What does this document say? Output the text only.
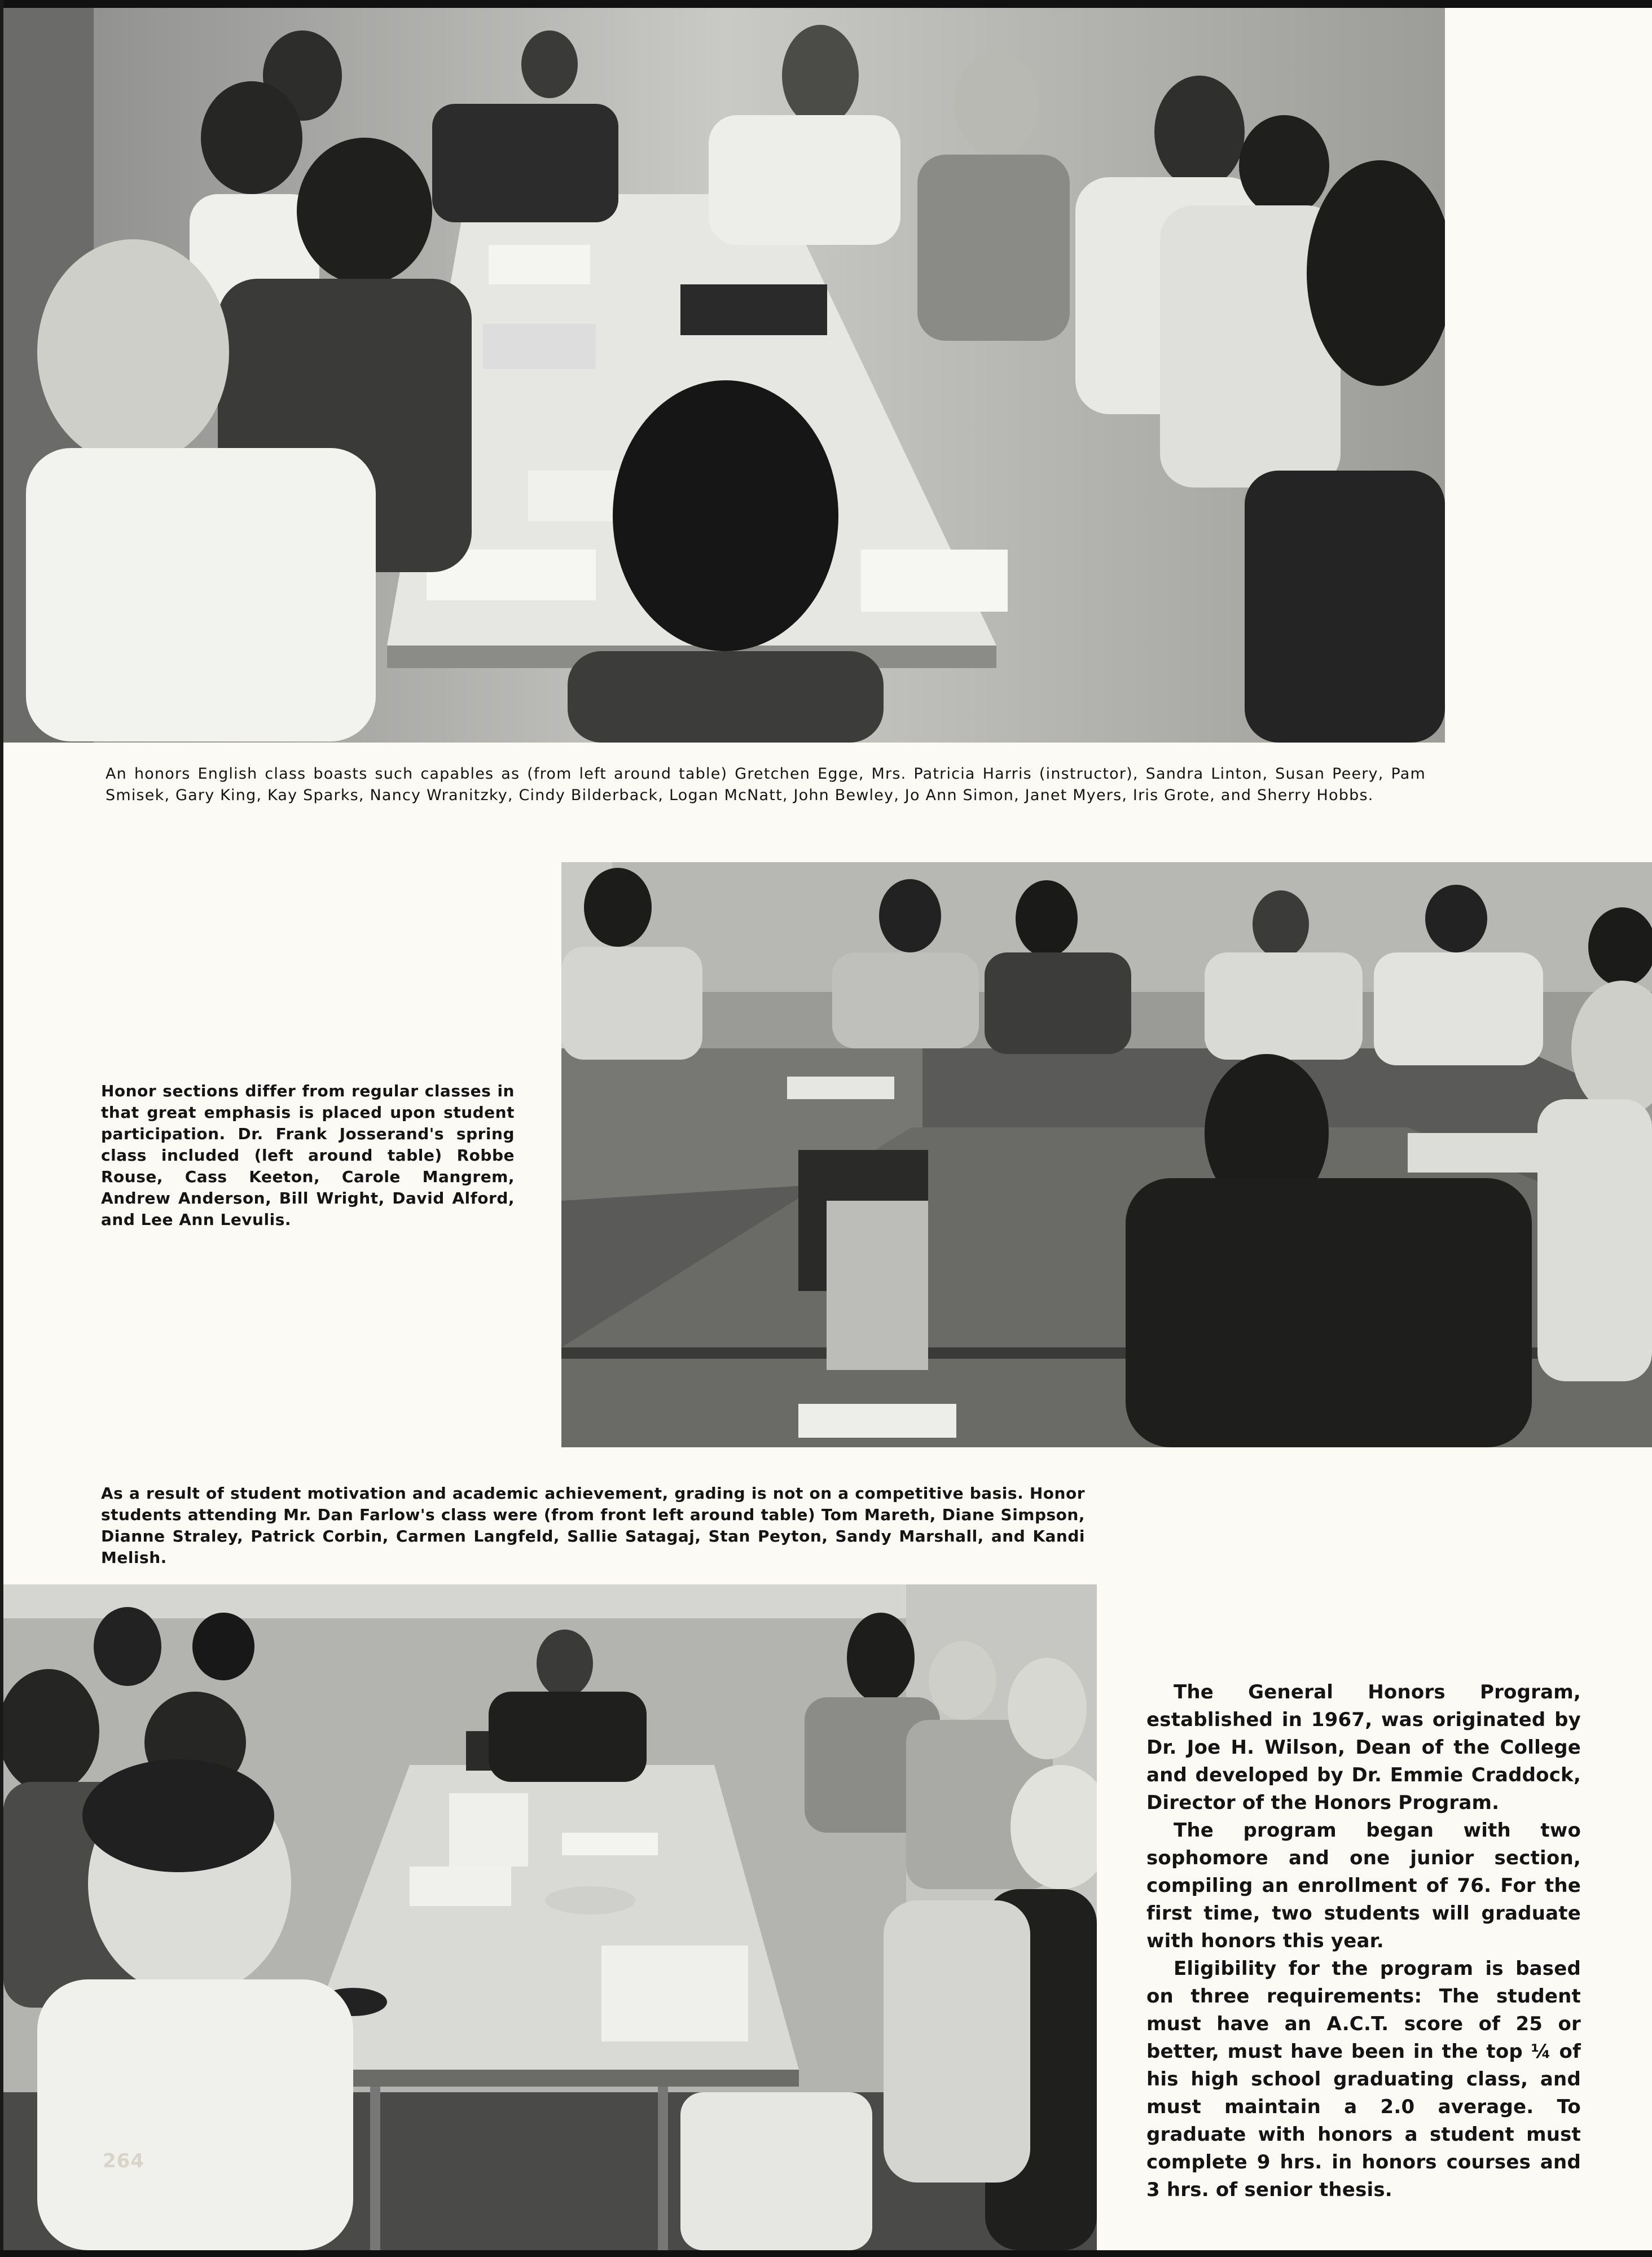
An honors English class boasts such capables as (from left around table) Gretchen Egge, Mrs. Patricia Harris (instructor), Sandra Linton, Susan Peery, Pam Smisek, Gary King, Kay Sparks, Nancy Wranitzky, Cindy Bilderback, Logan McNatt, John Bewley, Jo Ann Simon, Janet Myers, Iris Grote, and Sherry Hobbs.

Honor sections differ from regular classes in that great emphasis is placed upon student participation. Dr. Frank Josserand's spring class included (left around table) Robbe Rouse, Cass Keeton, Carole Mangrem, Andrew Anderson, Bill Wright, David Alford, and Lee Ann Levulis.

As a result of student motivation and academic achievement, grading is not on a competitive basis. Honor students attending Mr. Dan Farlow's class were (from front left around table) Tom Mareth, Diane Simpson, Dianne Straley, Patrick Corbin, Carmen Langfeld, Sallie Satagaj, Stan Peyton, Sandy Marshall, and Kandi Melish.

264

The General Honors Program, established in 1967, was originated by Dr. Joe H. Wilson, Dean of the College and developed by Dr. Emmie Craddock, Director of the Honors Program.

The program began with two sophomore and one junior section, compiling an enrollment of 76. For the first time, two students will graduate with honors this year.

Eligibility for the program is based on three requirements: The student must have an A.C.T. score of 25 or better, must have been in the top ¼ of his high school graduating class, and must maintain a 2.0 average. To graduate with honors a student must complete 9 hrs. in honors courses and 3 hrs. of senior thesis.
